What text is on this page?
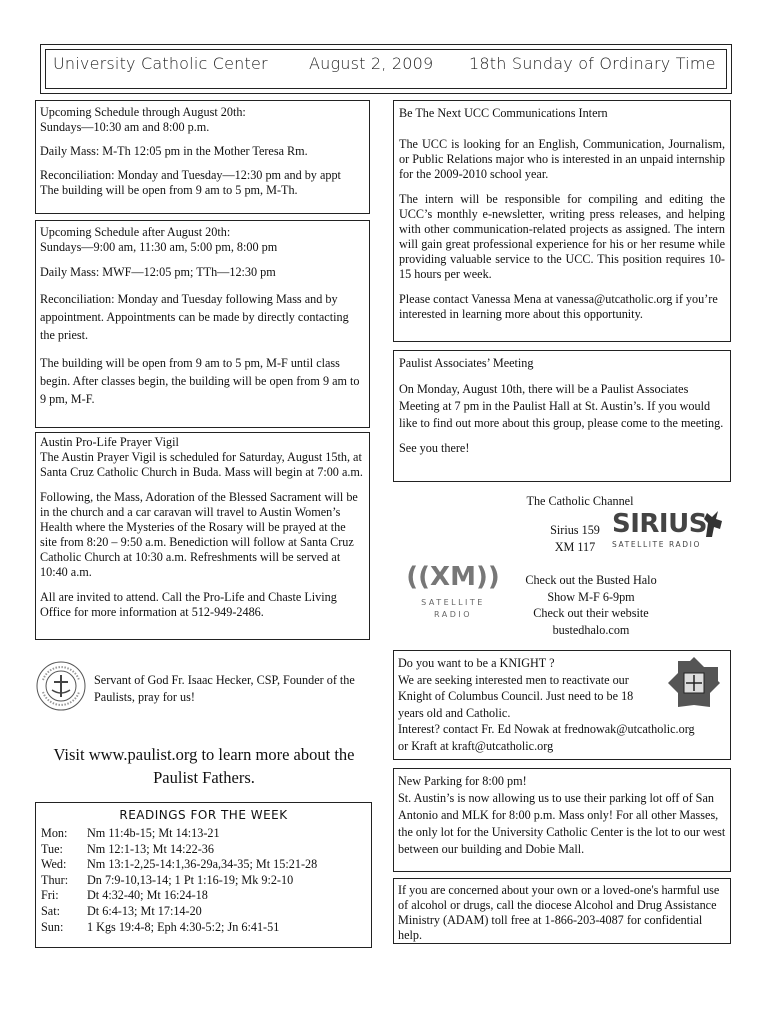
University Catholic Center	August 2, 2009 18th Sunday of Ordinary Time

Upcoming Schedule through August 20th:

Sundays—10:30 am and 8:00 p.m.

Daily Mass: M-Th 12:05 pm in the Mother Teresa Rm.

Reconciliation: Monday and Tuesday—12:30 pm and by appt

The building will be open from 9 am to 5 pm, M-Th.

Upcoming Schedule after August 20th:

Sundays—9:00 am, 11:30 am, 5:00 pm, 8:00 pm

Daily Mass: MWF—12:05 pm; TTh—12:30 pm

Reconciliation: Monday and Tuesday following Mass and by appointment. Appointments can be made by directly contacting the priest.

The building will be open from 9 am to 5 pm, M-F until class begin. After classes begin, the building will be open from 9 am to 9 pm, M-F.

Austin Pro-Life Prayer Vigil

The Austin Prayer Vigil is scheduled for Saturday, August 15th, at Santa Cruz Catholic Church in Buda. Mass will begin at 7:00 a.m.

Following, the Mass, Adoration of the Blessed Sacrament will be in the church and a car caravan will travel to Austin Women’s Health where the Mysteries of the Rosary will be prayed at the site from 8:20 – 9:50 a.m. Benediction will follow at Santa Cruz Catholic Church at 10:30 a.m. Refreshments will be served at 10:40 a.m.

All are invited to attend. Call the Pro-Life and Chaste Living Office for more information at 512-949-2486.

Servant of God Fr. Isaac Hecker, CSP, Founder of the Paulists, pray for us!
Visit www.paulist.org to learn more about the Paulist Fathers.
READINGS FOR THE WEEK
Mon:	Nm 11:4b-15; Mt 14:13-21
Tue:	Nm 12:1-13; Mt 14:22-36
Wed:	Nm 13:1-2,25-14:1,36-29a,34-35; Mt 15:21-28
Thur:	Dn 7:9-10,13-14; 1 Pt 1:16-19; Mk 9:2-10
Fri:	Dt 4:32-40; Mt 16:24-18
Sat:	Dt 6:4-13; Mt 17:14-20
Sun:	1 Kgs 19:4-8; Eph 4:30-5:2; Jn 6:41-51

Be The Next UCC Communications Intern

The UCC is looking for an English, Communication, Journalism, or Public Relations major who is interested in an unpaid internship for the 2009-2010 school year.

The intern will be responsible for compiling and editing the UCC’s monthly e-newsletter, writing press releases, and helping with other communication-related projects as assigned. The intern will gain great professional experience for his or her resume while providing valuable service to the UCC. This position requires 10-15 hours per week.

Please contact Vanessa Mena at vanessa@utcatholic.org if you’re interested in learning more about this opportunity.

Paulist Associates’ Meeting

On Monday, August 10th, there will be a Paulist Associates Meeting at 7 pm in the Paulist Hall at St. Austin’s. If you would like to find out more about this group, please come to the meeting.

See you there!

The Catholic Channel
Sirius 159
XM 117
SIRIUS
SATELLITE RADIO
((XM))
SATELLITE
RADIO
Check out the Busted Halo
Show M-F 6-9pm
Check out their website
bustedhalo.com
Do you want to be a KNIGHT ?
We are seeking interested men to reactivate our
Knight of Columbus Council. Just need to be 18
years old and Catholic.
Interest? contact Fr. Ed Nowak at frednowak@utcatholic.org
or Kraft at kraft@utcatholic.org

New Parking for 8:00 pm!

St. Austin’s is now allowing us to use their parking lot off of San Antonio and MLK for 8:00 p.m. Mass only! For all other Masses, the only lot for the University Catholic Center is the lot to our west between our building and Dobie Mall.

If you are concerned about your own or a loved-one's harmful use of alcohol or drugs, call the diocese Alcohol and Drug Assistance Ministry (ADAM) toll free at 1-866-203-4087 for confidential help.
